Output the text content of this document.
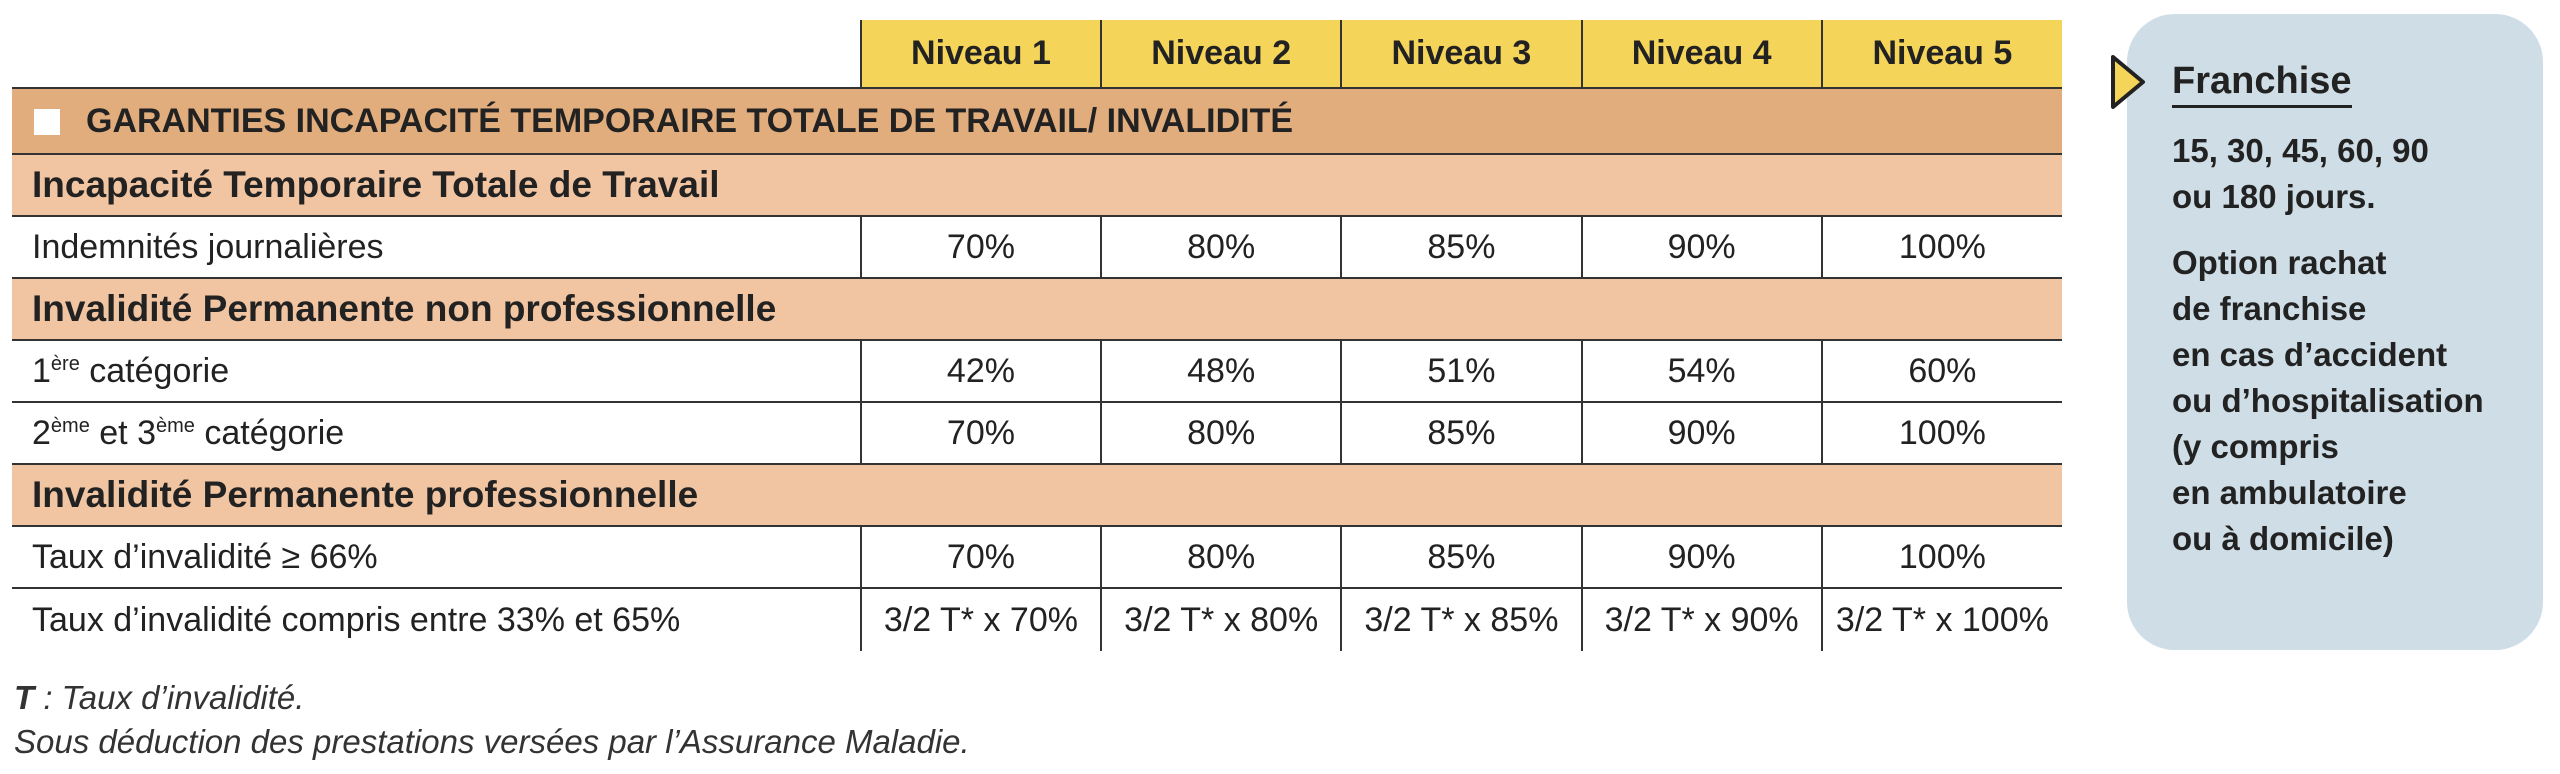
	Niveau 1	Niveau 2	Niveau 3	Niveau 4	Niveau 5
GARANTIES INCAPACITÉ TEMPORAIRE TOTALE DE TRAVAIL/ INVALIDITÉ					
Incapacité Temporaire Totale de Travail					
Indemnités journalières	70%	80%	85%	90%	100%
Invalidité Permanente non professionnelle					
1ère catégorie	42%	48%	51%	54%	60%
2ème et 3ème catégorie	70%	80%	85%	90%	100%
Invalidité Permanente professionnelle					
Taux d’invalidité ≥ 66%	70%	80%	85%	90%	100%
Taux d’invalidité compris entre 33% et 65%	3/2 T* x 70%	3/2 T* x 80%	3/2 T* x 85%	3/2 T* x 90%	3/2 T* x 100%
T : Taux d’invalidité.
Sous déduction des prestations versées par l’Assurance Maladie.
Franchise
15, 30, 45, 60, 90
ou 180 jours.
Option rachat
de franchise
en cas d’accident
ou d’hospitalisation
(y compris
en ambulatoire
ou à domicile)
